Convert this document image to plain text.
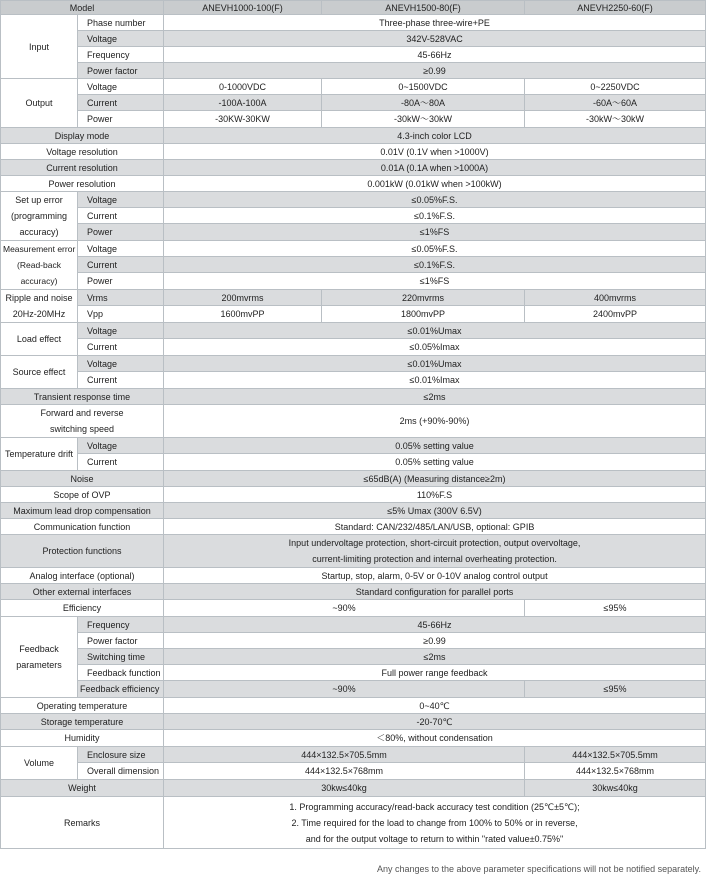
Model		ANEVH1000-100(F)	ANEVH1500-80(F)	ANEVH2250-60(F)
Input	Phase number	Three-phase three-wire+PE		
	Voltage	342V-528VAC		
	Frequency	45-66Hz		
	Power factor	≥0.99		
Output	Voltage	0-1000VDC	0~1500VDC	0~2250VDC
	Current	-100A-100A	-80A～80A	-60A～60A
	Power	-30KW-30KW	-30kW～30kW	-30kW～30kW
Display mode		4.3-inch color LCD		
Voltage resolution		0.01V (0.1V when >1000V)		
Current resolution		0.01A (0.1A when >1000A)		
Power resolution		0.001kW (0.01kW when >100kW)		
Set up error
(programming
accuracy)	Voltage	≤0.05%F.S.		
	Current	≤0.1%F.S.		
	Power	≤1%FS		
Measurement error
(Read-back
accuracy)	Voltage	≤0.05%F.S.		
	Current	≤0.1%F.S.		
	Power	≤1%FS		
Ripple and noise
20Hz-20MHz	Vrms	200mvrms	220mvrms	400mvrms
	Vpp	1600mvPP	1800mvPP	2400mvPP
Load effect	Voltage	≤0.01%Umax		
	Current	≤0.05%Imax		
Source effect	Voltage	≤0.01%Umax		
	Current	≤0.01%Imax		
Transient response time		≤2ms		
Forward and reverse
switching speed		2ms (+90%-90%)		
Temperature drift	Voltage	0.05% setting value		
	Current	0.05% setting value		
Noise		≤65dB(A) (Measuring distance≥2m)		
Scope of OVP		110%F.S		
Maximum lead drop compensation		≤5% Umax (300V 6.5V)		
Communication function		Standard: CAN/232/485/LAN/USB, optional: GPIB		
Protection functions		Input undervoltage protection, short-circuit protection, output overvoltage,
current-limiting protection and internal overheating protection.		
Analog interface (optional)		Startup, stop, alarm, 0-5V or 0-10V analog control output		
Other external interfaces		Standard configuration for parallel ports		
Efficiency		~90%		≤95%
Feedback
parameters	Frequency	45-66Hz		
	Power factor	≥0.99		
	Switching time	≤2ms		
	Feedback function	Full power range feedback		
	Feedback efficiency	~90%		≤95%
Operating temperature		0~40℃		
Storage temperature		-20-70℃		
Humidity		＜80%, without condensation		
Volume	Enclosure size	444×132.5×705.5mm		444×132.5×705.5mm
	Overall dimension	444×132.5×768mm		444×132.5×768mm
Weight		30kw≤40kg		30kw≤40kg
Remarks		1. Programming accuracy/read-back accuracy test condition (25℃±5℃);
2. Time required for the load to change from 100% to 50% or in reverse,
and for the output voltage to return to within "rated value±0.75%"		
Any changes to the above parameter specifications will not be notified separately.
